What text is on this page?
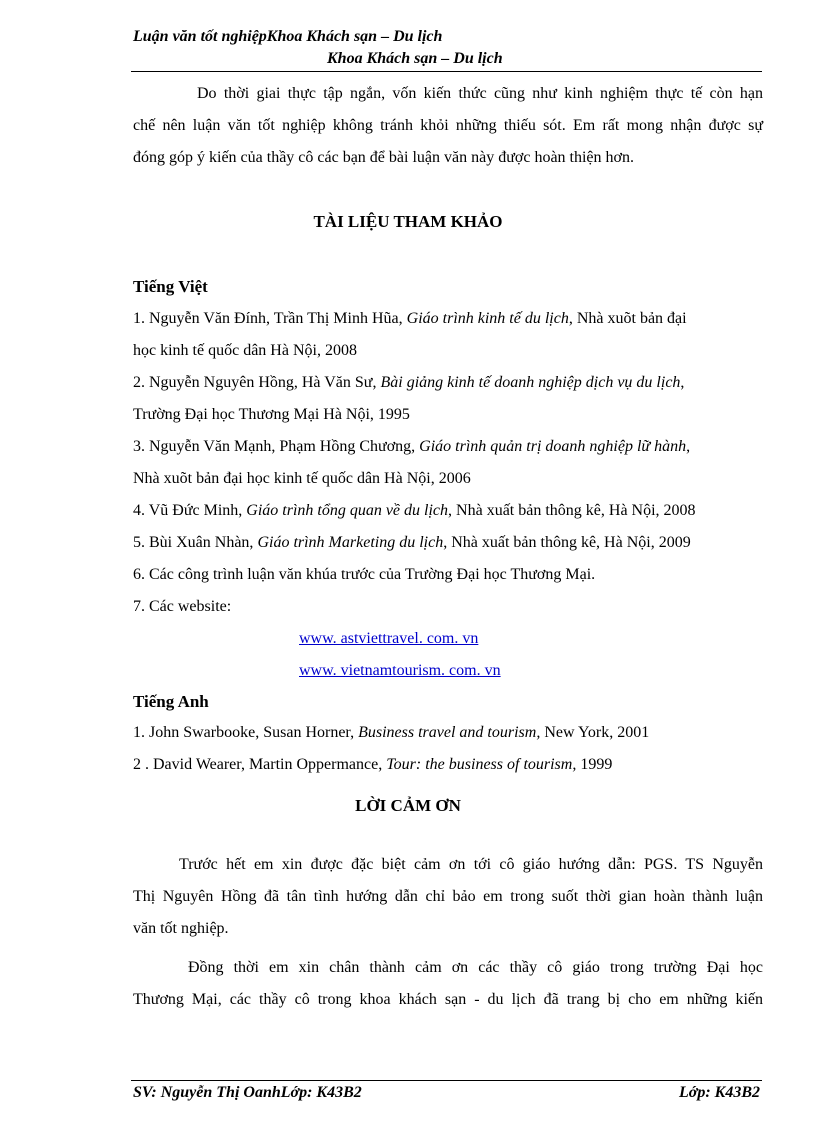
Luận văn tốt nghiệpKhoa Khách sạn – Du lịch
Khoa Khách sạn – Du lịch
Do thời giai thực tập ngắn, vốn kiến thức cũng như kinh nghiệm thực tế còn hạn
chế nên luận văn tốt nghiệp không tránh khỏi những thiếu sót. Em rất mong nhận được sự
đóng góp ý kiến của thầy cô các bạn để bài luận văn này được hoàn thiện hơn.
TÀI LIỆU THAM KHẢO
Tiếng Việt
1. Nguyễn Văn Đính, Trần Thị Minh Hũa, Giáo trình kinh tế du lịch, Nhà xuõt bản đại
học kinh tế quốc dân Hà Nội, 2008
2. Nguyễn Nguyên Hồng, Hà Văn Sư, Bài giảng kinh tế doanh nghiệp dịch vụ du lịch,
Trường Đại học Thương Mại Hà Nội, 1995
3. Nguyễn Văn Mạnh, Phạm Hồng Chương, Giáo trình quản trị doanh nghiệp lữ hành,
Nhà xuõt bản đại học kinh tế quốc dân Hà Nội, 2006
4. Vũ Đức Minh, Giáo trình tổng quan về du lịch, Nhà xuất bản thông kê, Hà Nội, 2008
5. Bùi Xuân Nhàn, Giáo trình Marketing du lịch, Nhà xuất bản thông kê, Hà Nội, 2009
6. Các công trình luận văn khúa trước của Trường Đại học Thương Mại.
7. Các website:
www. astviettravel. com. vn
www. vietnamtourism. com. vn
Tiếng Anh
1. John Swarbooke, Susan Horner, Business travel and tourism, New York, 2001
2 . David Wearer, Martin Oppermance, Tour: the business of tourism, 1999
LỜI CẢM ƠN
Trước hết em xin được đặc biệt cảm ơn tới cô giáo hướng dẫn: PGS. TS Nguyễn
Thị Nguyên Hồng đã tân tình hướng dẫn chỉ bảo em trong suốt thời gian hoàn thành luận
văn tốt nghiệp.
Đồng thời em xin chân thành cảm ơn các thầy cô giáo trong trường Đại học
Thương Mại, các thầy cô trong khoa khách sạn - du lịch đã trang bị cho em những kiến
SV: Nguyễn Thị OanhLớp: K43B2	Lớp: K43B2
